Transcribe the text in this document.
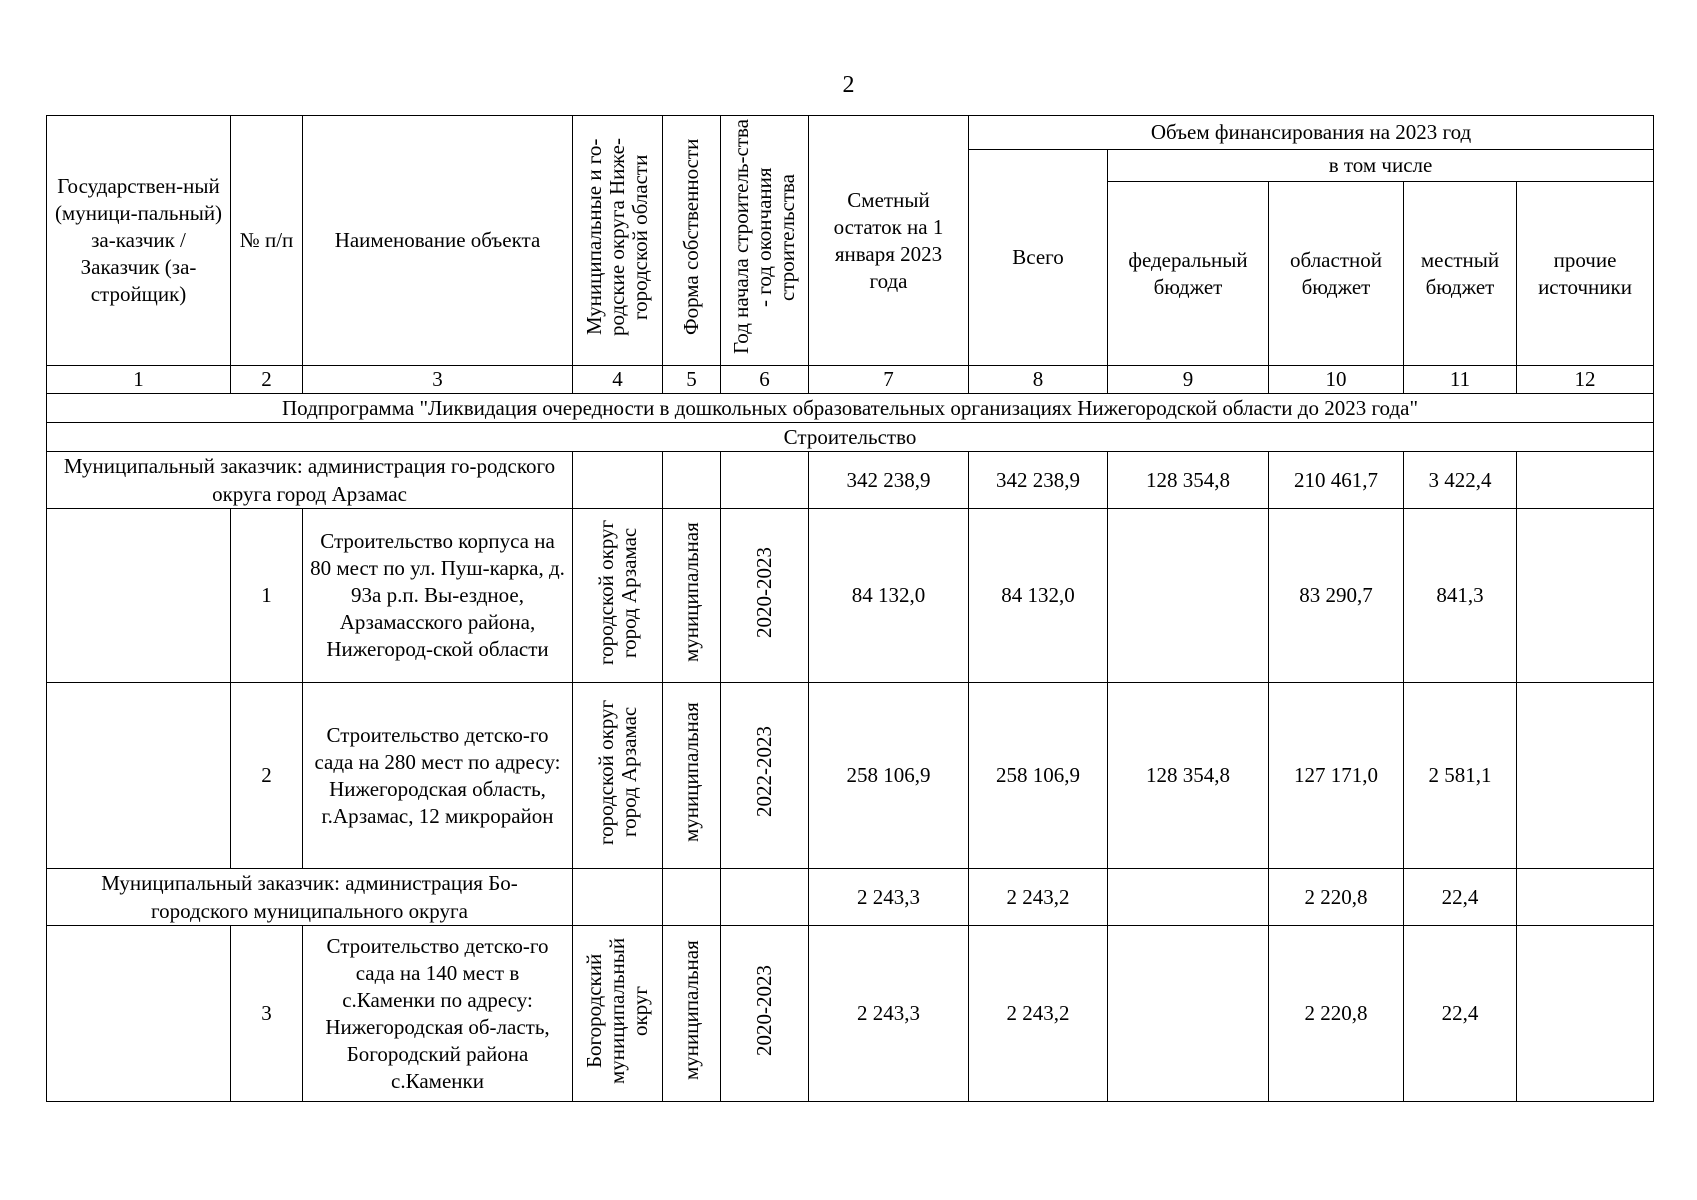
2
Государствен-ный (муници-пальный) за-казчик / Заказчик (за-стройщик)	№ п/п	Наименование объекта	Муниципальные и го-родские округа Ниже-городской области	Форма собственности	Год начала строитель-ства - год окончания строительства	Сметный остаток на 1 января 2023 года	Объем финансирования на 2023 год				
							Всего	в том числе			
								федеральный бюджет	областной бюджет	местный бюджет	прочие источники
1	2	3	4	5	6	7	8	9	10	11	12
Подпрограмма "Ликвидация очередности в дошкольных образовательных организациях Нижегородской области до 2023 года"											
Строительство											
Муниципальный заказчик: администрация го-родского округа город Арзамас						342 238,9	342 238,9	128 354,8	210 461,7	3 422,4	
	1	Строительство корпуса на 80 мест по ул. Пуш-карка, д. 93а р.п. Вы-ездное, Арзамасского района, Нижегород-ской области	городской округ город Арзамас	муниципальная	2020-2023	84 132,0	84 132,0		83 290,7	841,3	
	2	Строительство детско-го сада на 280 мест по адресу: Нижегородская область, г.Арзамас, 12 микрорайон	городской округ город Арзамас	муниципальная	2022-2023	258 106,9	258 106,9	128 354,8	127 171,0	2 581,1	
Муниципальный заказчик: администрация Бо-городского муниципального округа						2 243,3	2 243,2		2 220,8	22,4	
	3	Строительство детско-го сада на 140 мест в с.Каменки по адресу: Нижегородская об-ласть, Богородский района с.Каменки	Богородский муниципальный округ	муниципальная	2020-2023	2 243,3	2 243,2		2 220,8	22,4	
